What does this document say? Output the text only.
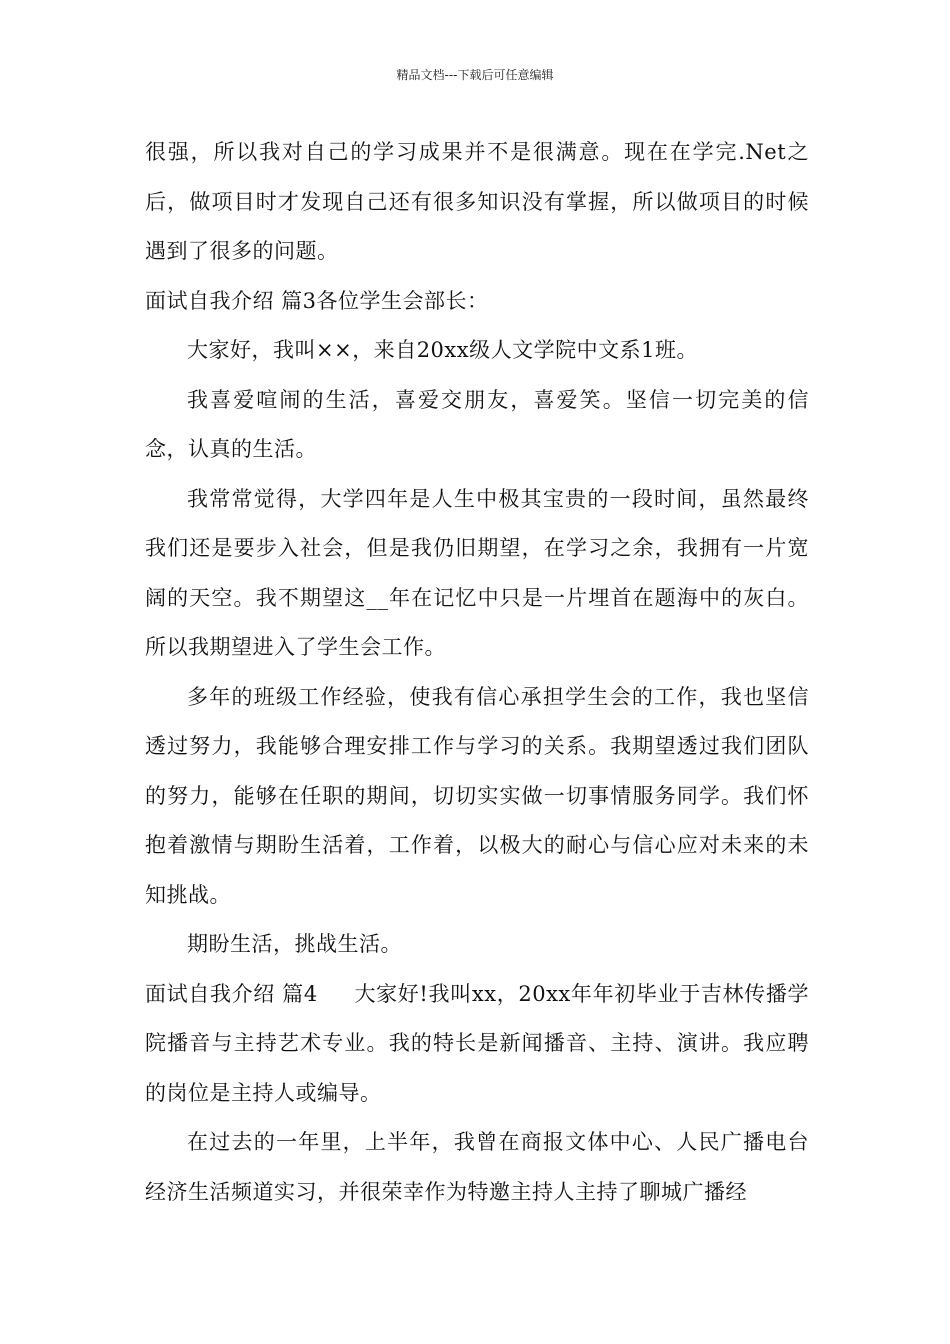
精品文档---下载后可任意编辑

很强，所以我对自己的学习成果并不是很满意。现在在学完.Net之后，做项目时才发现自己还有很多知识没有掌握，所以做项目的时候遇到了很多的问题。

面试自我介绍 篇3各位学生会部长：

大家好，我叫××，来自20xx级人文学院中文系1班。

我喜爱喧闹的生活，喜爱交朋友，喜爱笑。坚信一切完美的信念，认真的生活。

我常常觉得，大学四年是人生中极其宝贵的一段时间，虽然最终我们还是要步入社会，但是我仍旧期望，在学习之余，我拥有一片宽阔的天空。我不期望这__年在记忆中只是一片埋首在题海中的灰白。所以我期望进入了学生会工作。

多年的班级工作经验，使我有信心承担学生会的工作，我也坚信透过努力，我能够合理安排工作与学习的关系。我期望透过我们团队的努力，能够在任职的期间，切切实实做一切事情服务同学。我们怀抱着激情与期盼生活着，工作着，以极大的耐心与信心应对未来的未知挑战。

期盼生活，挑战生活。

面试自我介绍 篇4     大家好!我叫xx，20xx年年初毕业于吉林传播学院播音与主持艺术专业。我的特长是新闻播音、主持、演讲。我应聘的岗位是主持人或编导。

在过去的一年里，上半年，我曾在商报文体中心、人民广播电台经济生活频道实习，并很荣幸作为特邀主持人主持了聊城广播经
